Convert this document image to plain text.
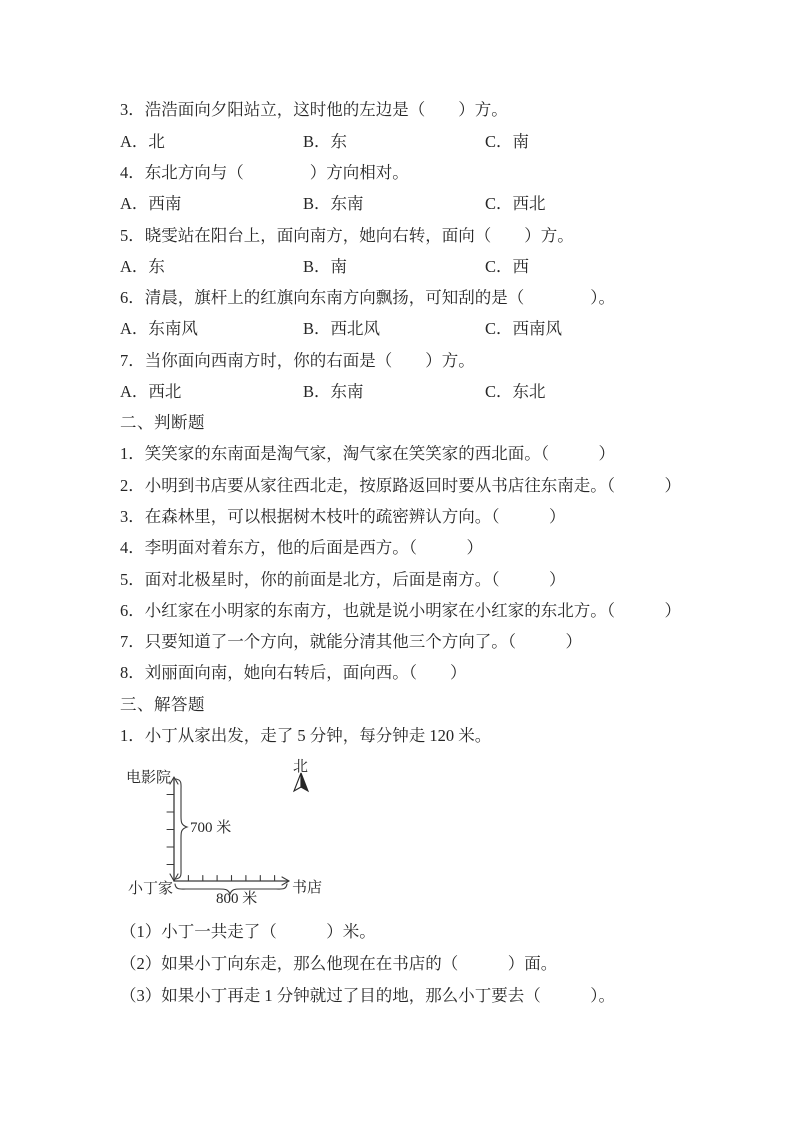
3．浩浩面向夕阳站立，这时他的左边是（　　）方。

A．北

	B．东

	C．南

4．东北方向与（　　　　）方向相对。

A．西南

	B．东南

	C．西北

5．晓雯站在阳台上，面向南方，她向右转，面向（　　）方。

A．东

	B．南

	C．西

6．清晨，旗杆上的红旗向东南方向飘扬，可知刮的是（　　　　）。

A．东南风

	B．西北风

	C．西南风

7．当你面向西南方时，你的右面是（　　）方。

A．西北

	B．东南

	C．东北

二、判断题
1．笑笑家的东南面是淘气家，淘气家在笑笑家的西北面。（　　　）
2．小明到书店要从家往西北走，按原路返回时要从书店往东南走。（　　　）
3．在森林里，可以根据树木枝叶的疏密辨认方向。（　　　）
4．李明面对着东方，他的后面是西方。（　　　）
5．面对北极星时，你的前面是北方，后面是南方。（　　　）
6．小红家在小明家的东南方，也就是说小明家在小红家的东北方。（　　　）
7．只要知道了一个方向，就能分清其他三个方向了。（　　　）
8．刘丽面向南，她向右转后，面向西。（　　）
三、解答题
1．小丁从家出发，走了 5 分钟，每分钟走 120 米。
电影院
700 米
北
800 米
小丁家	书店
（1）小丁一共走了（　　　）米。
（2）如果小丁向东走，那么他现在在书店的（　　　）面。
（3）如果小丁再走 1 分钟就过了目的地，那么小丁要去（　　　）。
